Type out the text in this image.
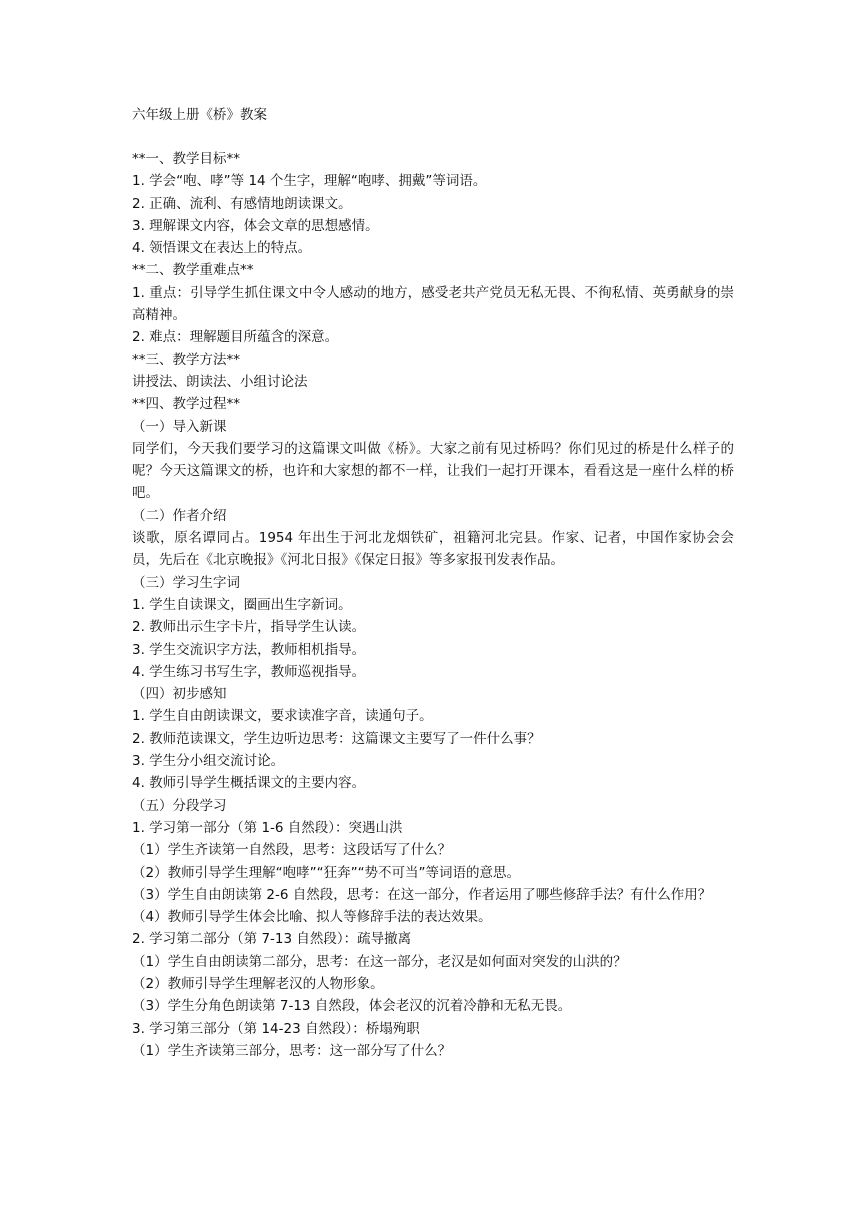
六年级上册《桥》教案

**一、教学目标**

1. 学会“咆、哮”等 14 个生字，理解“咆哮、拥戴”等词语。

2. 正确、流利、有感情地朗读课文。

3. 理解课文内容，体会文章的思想感情。

4. 领悟课文在表达上的特点。

**二、教学重难点**

1. 重点：引导学生抓住课文中令人感动的地方，感受老共产党员无私无畏、不徇私情、英勇献身的崇高精神。

2. 难点：理解题目所蕴含的深意。

**三、教学方法**

讲授法、朗读法、小组讨论法

**四、教学过程**

（一）导入新课

同学们，今天我们要学习的这篇课文叫做《桥》。大家之前有见过桥吗？你们见过的桥是什么样子的呢？今天这篇课文的桥，也许和大家想的都不一样，让我们一起打开课本，看看这是一座什么样的桥吧。

（二）作者介绍

谈歌，原名谭同占。1954 年出生于河北龙烟铁矿，祖籍河北完县。作家、记者，中国作家协会会员，先后在《北京晚报》《河北日报》《保定日报》等多家报刊发表作品。

（三）学习生字词

1. 学生自读课文，圈画出生字新词。

2. 教师出示生字卡片，指导学生认读。

3. 学生交流识字方法，教师相机指导。

4. 学生练习书写生字，教师巡视指导。

（四）初步感知

1. 学生自由朗读课文，要求读准字音，读通句子。

2. 教师范读课文，学生边听边思考：这篇课文主要写了一件什么事？

3. 学生分小组交流讨论。

4. 教师引导学生概括课文的主要内容。

（五）分段学习

1. 学习第一部分（第 1-6 自然段）：突遇山洪

（1）学生齐读第一自然段，思考：这段话写了什么？

（2）教师引导学生理解“咆哮”“狂奔”“势不可当”等词语的意思。

（3）学生自由朗读第 2-6 自然段，思考：在这一部分，作者运用了哪些修辞手法？有什么作用？

（4）教师引导学生体会比喻、拟人等修辞手法的表达效果。

2. 学习第二部分（第 7-13 自然段）：疏导撤离

（1）学生自由朗读第二部分，思考：在这一部分，老汉是如何面对突发的山洪的？

（2）教师引导学生理解老汉的人物形象。

（3）学生分角色朗读第 7-13 自然段，体会老汉的沉着冷静和无私无畏。

3. 学习第三部分（第 14-23 自然段）：桥塌殉职

（1）学生齐读第三部分，思考：这一部分写了什么？
